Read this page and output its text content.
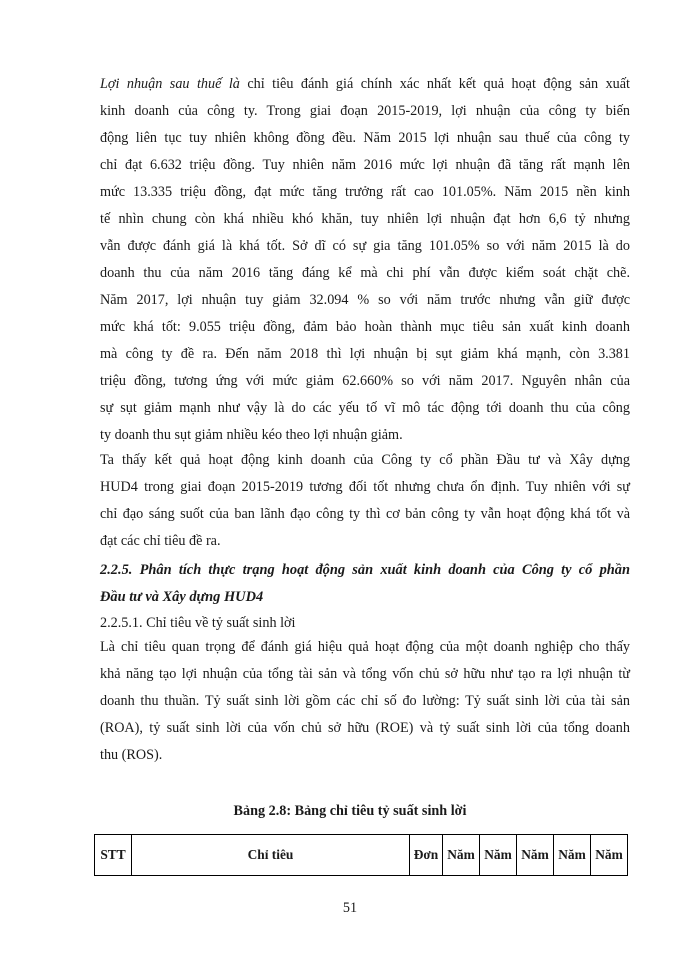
Lợi nhuận sau thuế là chỉ tiêu đánh giá chính xác nhất kết quả hoạt động sản xuất
kinh doanh của công ty. Trong giai đoạn 2015-2019, lợi nhuận của công ty biến
động liên tục tuy nhiên không đồng đều. Năm 2015 lợi nhuận sau thuế của công ty
chỉ đạt 6.632 triệu đồng. Tuy nhiên năm 2016 mức lợi nhuận đã tăng rất mạnh lên
mức 13.335 triệu đồng, đạt mức tăng trưởng rất cao 101.05%. Năm 2015 nền kinh
tế nhìn chung còn khá nhiều khó khăn, tuy nhiên lợi nhuận đạt hơn 6,6 tỷ nhưng
vẫn được đánh giá là khá tốt. Sở dĩ có sự gia tăng 101.05% so với năm 2015 là do
doanh thu của năm 2016 tăng đáng kể mà chi phí vẫn được kiểm soát chặt chẽ.
Năm 2017, lợi nhuận tuy giảm 32.094 % so với năm trước nhưng vẫn giữ được
mức khá tốt: 9.055 triệu đồng, đảm bảo hoàn thành mục tiêu sản xuất kinh doanh
mà công ty đề ra. Đến năm 2018 thì lợi nhuận bị sụt giảm khá mạnh, còn 3.381
triệu đồng, tương ứng với mức giảm 62.660% so với năm 2017. Nguyên nhân của
sự sụt giảm mạnh như vậy là do các yếu tố vĩ mô tác động tới doanh thu của công
ty doanh thu sụt giảm nhiều kéo theo lợi nhuận giảm.
Ta thấy kết quả hoạt động kinh doanh của Công ty cổ phần Đầu tư và Xây dựng
HUD4 trong giai đoạn 2015-2019 tương đối tốt nhưng chưa ổn định. Tuy nhiên với sự
chỉ đạo sáng suốt của ban lãnh đạo công ty thì cơ bản công ty vẫn hoạt động khá tốt và
đạt các chỉ tiêu đề ra.
2.2.5. Phân tích thực trạng hoạt động sản xuất kinh doanh của Công ty cổ phần
Đầu tư và Xây dựng HUD4
2.2.5.1. Chỉ tiêu về tỷ suất sinh lời
Là chỉ tiêu quan trọng để đánh giá hiệu quả hoạt động của một doanh nghiệp cho thấy
khả năng tạo lợi nhuận của tổng tài sản và tổng vốn chủ sở hữu như tạo ra lợi nhuận từ
doanh thu thuần. Tỷ suất sinh lời gồm các chỉ số đo lường: Tỷ suất sinh lời của tài sản
(ROA), tỷ suất sinh lời của vốn chủ sở hữu (ROE) và tỷ suất sinh lời của tổng doanh
thu (ROS).
Bảng 2.8: Bảng chỉ tiêu tỷ suất sinh lời
STT	Chỉ tiêu	Đơn	Năm	Năm	Năm	Năm	Năm
51
